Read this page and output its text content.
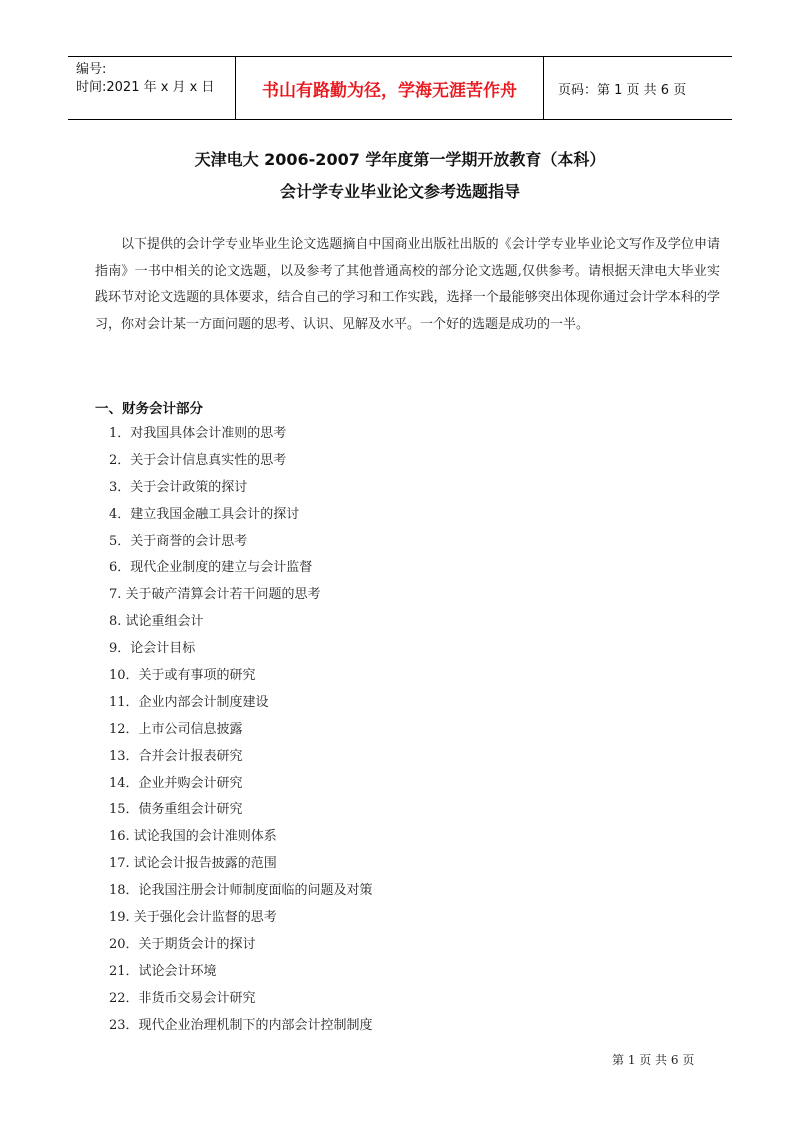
编号:
时间:2021 年 x 月 x 日	书山有路勤为径，学海无涯苦作舟	页码：第 1 页 共 6 页
天津电大 2006-2007 学年度第一学期开放教育（本科）
会计学专业毕业论文参考选题指导
以下提供的会计学专业毕业生论文选题摘自中国商业出版社出版的《会计学专业毕业论文写作及学位申请指南》一书中相关的论文选题，以及参考了其他普通高校的部分论文选题,仅供参考。请根据天津电大毕业实践环节对论文选题的具体要求，结合自己的学习和工作实践，选择一个最能够突出体现你通过会计学本科的学习，你对会计某一方面问题的思考、认识、见解及水平。一个好的选题是成功的一半。
一、财务会计部分
1．对我国具体会计准则的思考
2．关于会计信息真实性的思考
3．关于会计政策的探讨
4．建立我国金融工具会计的探讨
5．关于商誉的会计思考
6．现代企业制度的建立与会计监督
7. 关于破产清算会计若干问题的思考
8. 试论重组会计
9．论会计目标
10．关于或有事项的研究
11．企业内部会计制度建设
12．上市公司信息披露
13．合并会计报表研究
14．企业并购会计研究
15．债务重组会计研究
16. 试论我国的会计准则体系
17. 试论会计报告披露的范围
18．论我国注册会计师制度面临的问题及对策
19. 关于强化会计监督的思考
20．关于期货会计的探讨
21．试论会计环境
22．非货币交易会计研究
23．现代企业治理机制下的内部会计控制制度
第 1 页 共 6 页
